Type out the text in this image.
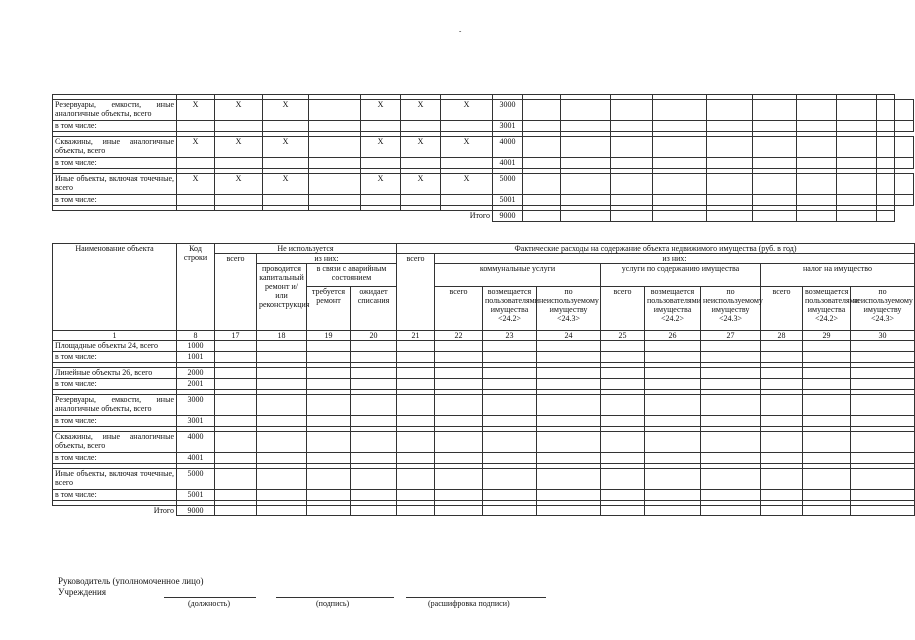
-

Резервуары, емкости, иные аналогичные объекты, всего	X	X	X		X	X	X	3000										
в том числе:								3001										

Скважины, иные аналогичные объекты, всего	X	X	X		X	X	X	4000										
в том числе:								4001										

Иные объекты, включая точечные, всего	X	X	X		X	X	X	5000										
в том числе:								5001										

Итого								9000										
Наименование объекта	Код строки	Не используется				Фактические расходы на содержание объекта недвижимого имущества (руб. в год)									
		всего	из них:			всего	из них:								
			проводится капитальный ремонт и/или реконструкция	в связи с аварийным состоянием			коммунальные услуги			услуги по содержанию имущества			налог на имущество		
				требуется ремонт	ожидает списания		всего	возмещается пользователями имущества <24.2>	по неиспользуемому имуществу <24.3>	всего	возмещается пользователями имущества <24.2>	по неиспользуемому имуществу <24.3>	всего	возмещается пользователями имущества <24.2>	по неиспользуемому имуществу <24.3>
1	8	17	18	19	20	21	22	23	24	25	26	27	28	29	30
Площадные объекты 24, всего	1000														
в том числе:	1001														

Линейные объекты 26, всего	2000														
в том числе:	2001														

Резервуары, емкости, иные аналогичные объекты, всего	3000														
в том числе:	3001														

Скважины, иные аналогичные объекты, всего	4000														
в том числе:	4001														

Иные объекты, включая точечные, всего	5000														
в том числе:	5001														

Итого	9000														
Руководитель (уполномоченное лицо)
Учреждения
(должность)	(подпись)	(расшифровка подписи)
